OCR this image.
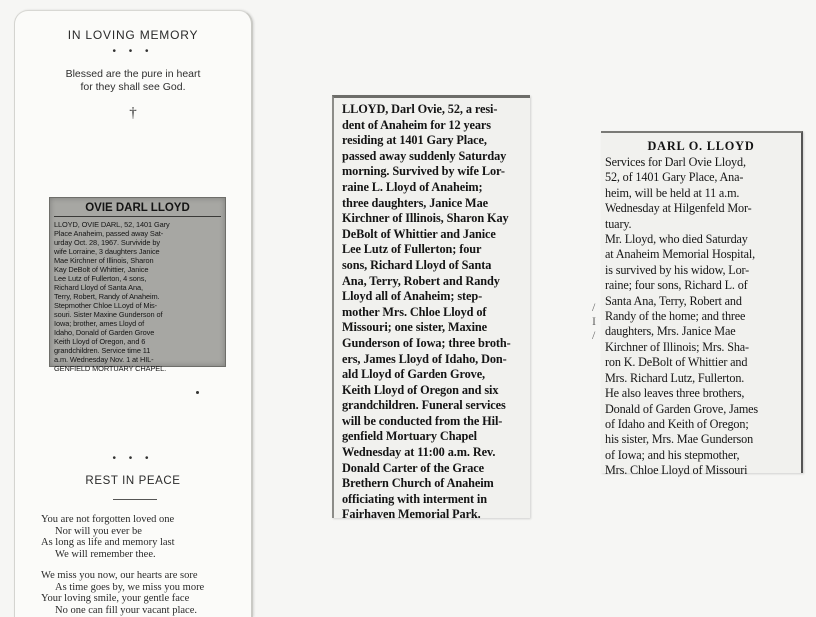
IN LOVING MEMORY
• • •
Blessed are the pure in heart
for they shall see God.
†
OVIE DARL LLOYD
LLOYD, OVIE DARL, 52, 1401 Gary
Place Anaheim, passed away Sat-
urday Oct. 28, 1967. Survivide by
wife Lorraine, 3 daughters Janice
Mae Kirchner of Illinois, Sharon
Kay DeBolt of Whittier, Janice
Lee Lutz of Fullerton, 4 sons,
Richard Lloyd of Santa Ana,
Terry, Robert, Randy of Anaheim.
Stepmother Chloe LLoyd of Mis-
souri. Sister Maxine Gunderson of
Iowa; brother, ames Lloyd of
Idaho, Donald of Garden Grove
Keith Lloyd of Oregon, and 6
grandchildren. Service time 11
a.m. Wednesday Nov. 1 at HIL-
GENFIELD MORTUARY CHAPEL.
• • •
REST IN PEACE
You are not forgotten loved one
Nor will you ever be
As long as life and memory last
We will remember thee.
We miss you now, our hearts are sore
As time goes by, we miss you more
Your loving smile, your gentle face
No one can fill your vacant place.
LLOYD, Darl Ovie, 52, a resi-
dent of Anaheim for 12 years
residing at 1401 Gary Place,
passed away suddenly Saturday
morning. Survived by wife Lor-
raine L. Lloyd of Anaheim;
three daughters, Janice Mae
Kirchner of Illinois, Sharon Kay
DeBolt of Whittier and Janice
Lee Lutz of Fullerton; four
sons, Richard Lloyd of Santa
Ana, Terry, Robert and Randy
Lloyd all of Anaheim; step-
mother Mrs. Chloe Lloyd of
Missouri; one sister, Maxine
Gunderson of Iowa; three broth-
ers, James Lloyd of Idaho, Don-
ald Lloyd of Garden Grove,
Keith Lloyd of Oregon and six
grandchildren. Funeral services
will be conducted from the Hil-
genfield Mortuary Chapel
Wednesday at 11:00 a.m. Rev.
Donald Carter of the Grace
Brethern Church of Anaheim
officiating with interment in
Fairhaven Memorial Park.
/
I
/
DARL O. LLOYD
Services for Darl Ovie Lloyd,
52, of 1401 Gary Place, Ana-
heim, will be held at 11 a.m.
Wednesday at Hilgenfeld Mor-
tuary.
Mr. Lloyd, who died Saturday
at Anaheim Memorial Hospital,
is survived by his widow, Lor-
raine; four sons, Richard L. of
Santa Ana, Terry, Robert and
Randy of the home; and three
daughters, Mrs. Janice Mae
Kirchner of Illinois; Mrs. Sha-
ron K. DeBolt of Whittier and
Mrs. Richard Lutz, Fullerton.
He also leaves three brothers,
Donald of Garden Grove, James
of Idaho and Keith of Oregon;
his sister, Mrs. Mae Gunderson
of Iowa; and his stepmother,
Mrs. Chloe Lloyd of Missouri
